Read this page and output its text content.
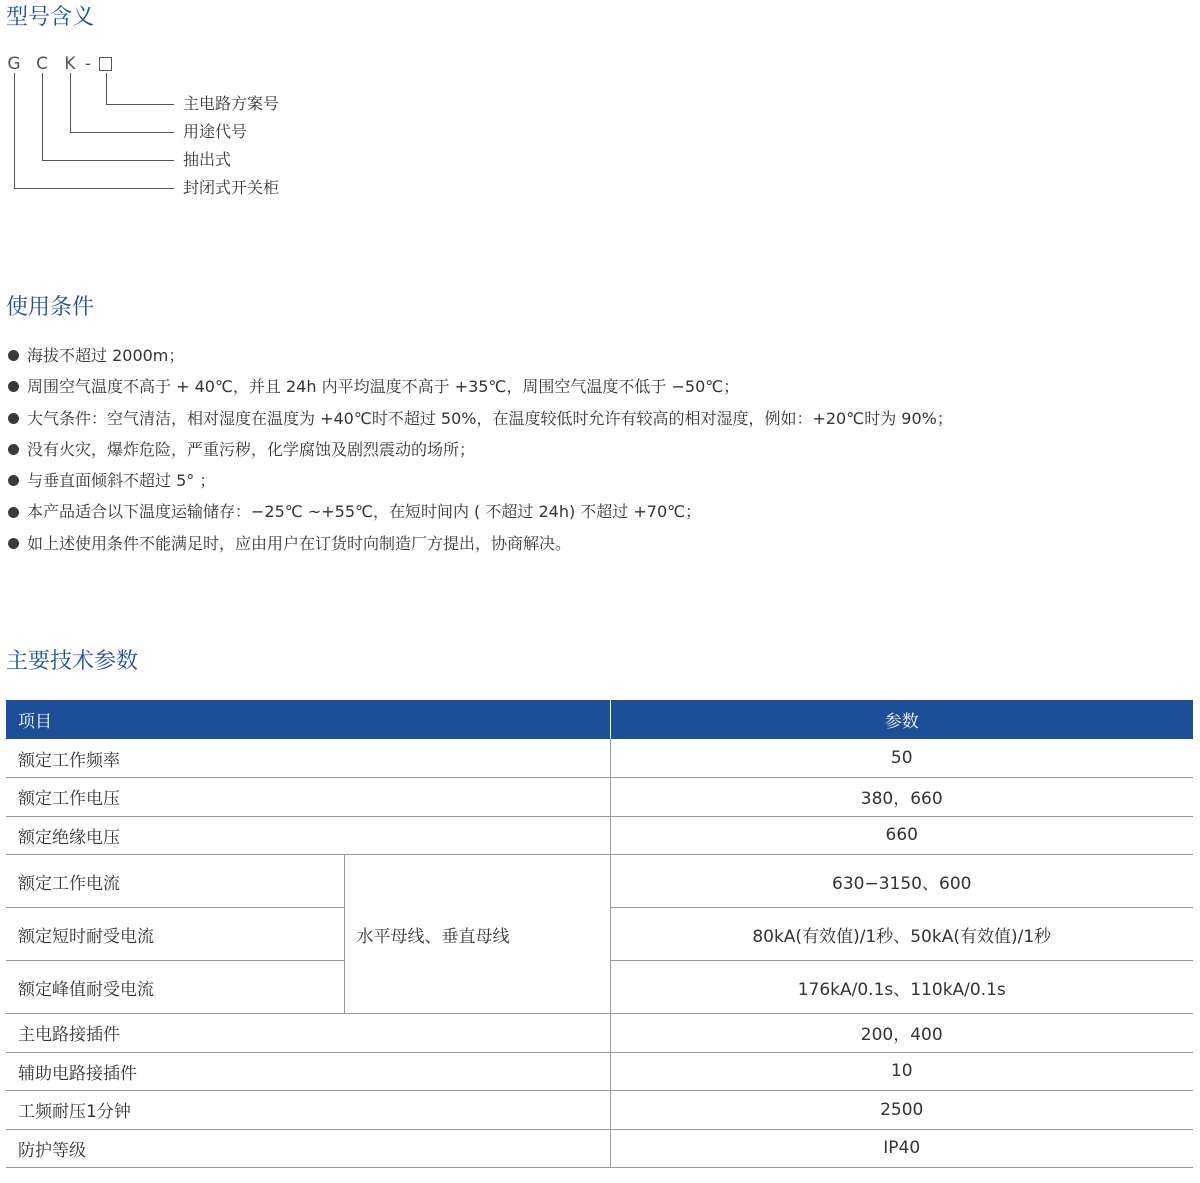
型号含义
G C K -
主电路方案号
用途代号
抽出式
封闭式开关柜
使用条件
海拔不超过 2000m；
周围空气温度不高于 + 40℃，并且 24h 内平均温度不高于 +35℃，周围空气温度不低于 −50℃；
大气条件：空气清洁，相对湿度在温度为 +40℃时不超过 50%，在温度较低时允许有较高的相对湿度，例如：+20℃时为 90%；
没有火灾，爆炸危险，严重污秽，化学腐蚀及剧烈震动的场所；
与垂直面倾斜不超过 5° ；
本产品适合以下温度运输储存：−25℃ ~+55℃，在短时间内 ( 不超过 24h) 不超过 +70℃；
如上述使用条件不能满足时，应由用户在订货时向制造厂方提出，协商解决。
主要技术参数
项目		参数
额定工作频率		50
额定工作电压		380，660
额定绝缘电压		660
额定工作电流	水平母线、垂直母线	630−3150、600
额定短时耐受电流		80kA(有效值)/1秒、50kA(有效值)/1秒
额定峰值耐受电流		176kA/0.1s、110kA/0.1s
主电路接插件		200，400
辅助电路接插件		10
工频耐压1分钟		2500
防护等级		IP40
